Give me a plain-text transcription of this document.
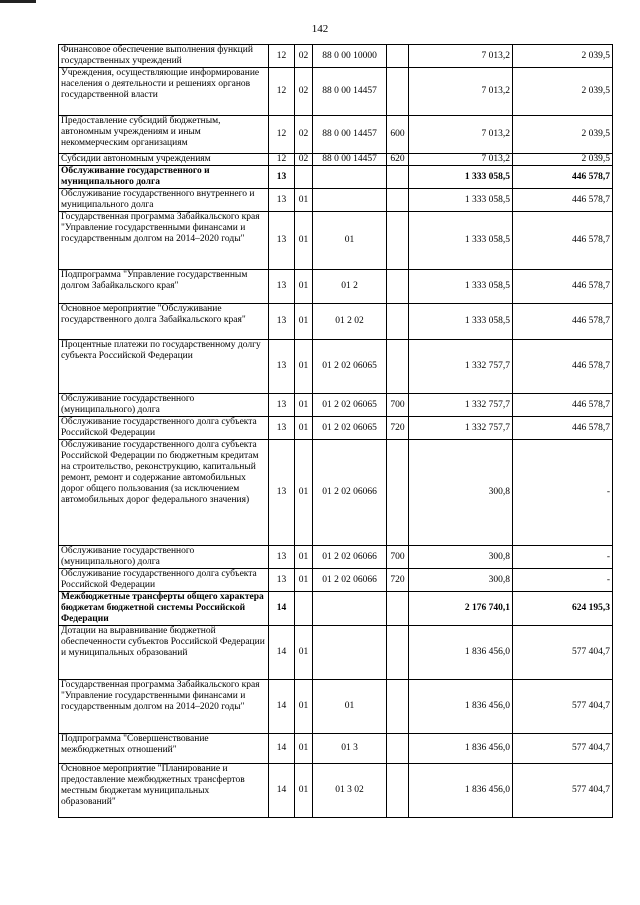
142
Финансовое обеспечение выполнения функций государственных учреждений	12	02	88 0 00 10000		7 013,2	2 039,5
Учреждения, осуществляющие информирование населения о деятельности и решениях органов государственной власти	12	02	88 0 00 14457		7 013,2	2 039,5
Предоставление субсидий бюджетным, автономным учреждениям и иным некоммерческим организациям	12	02	88 0 00 14457	600	7 013,2	2 039,5
Субсидии автономным учреждениям	12	02	88 0 00 14457	620	7 013,2	2 039,5
Обслуживание государственного и муниципального долга	13				1 333 058,5	446 578,7
Обслуживание государственного внутреннего и муниципального долга	13	01			1 333 058,5	446 578,7
Государственная программа Забайкальского края "Управление государственными финансами и государственным долгом на 2014–2020 годы"	13	01	01		1 333 058,5	446 578,7
Подпрограмма "Управление государственным долгом Забайкальского края"	13	01	01 2		1 333 058,5	446 578,7
Основное мероприятие "Обслуживание государственного долга Забайкальского края"	13	01	01 2 02		1 333 058,5	446 578,7
Процентные платежи по государственному долгу субъекта Российской Федерации	13	01	01 2 02 06065		1 332 757,7	446 578,7
Обслуживание государственного (муниципального) долга	13	01	01 2 02 06065	700	1 332 757,7	446 578,7
Обслуживание государственного долга субъекта Российской Федерации	13	01	01 2 02 06065	720	1 332 757,7	446 578,7
Обслуживание государственного долга субъекта Российской Федерации по бюджетным кредитам на строительство, реконструкцию, капитальный ремонт, ремонт и содержание автомобильных дорог общего пользования (за исключением автомобильных дорог федерального значения)	13	01	01 2 02 06066		300,8	-
Обслуживание государственного (муниципального) долга	13	01	01 2 02 06066	700	300,8	-
Обслуживание государственного долга субъекта Российской Федерации	13	01	01 2 02 06066	720	300,8	-
Межбюджетные трансферты общего характера бюджетам бюджетной системы Российской Федерации	14				2 176 740,1	624 195,3
Дотации на выравнивание бюджетной обеспеченности субъектов Российской Федерации и муниципальных образований	14	01			1 836 456,0	577 404,7
Государственная программа Забайкальского края "Управление государственными финансами и государственным долгом на 2014–2020 годы"	14	01	01		1 836 456,0	577 404,7
Подпрограмма "Совершенствование межбюджетных отношений"	14	01	01 3		1 836 456,0	577 404,7
Основное мероприятие "Планирование и предоставление межбюджетных трансфертов местным бюджетам муниципальных образований"	14	01	01 3 02		1 836 456,0	577 404,7
